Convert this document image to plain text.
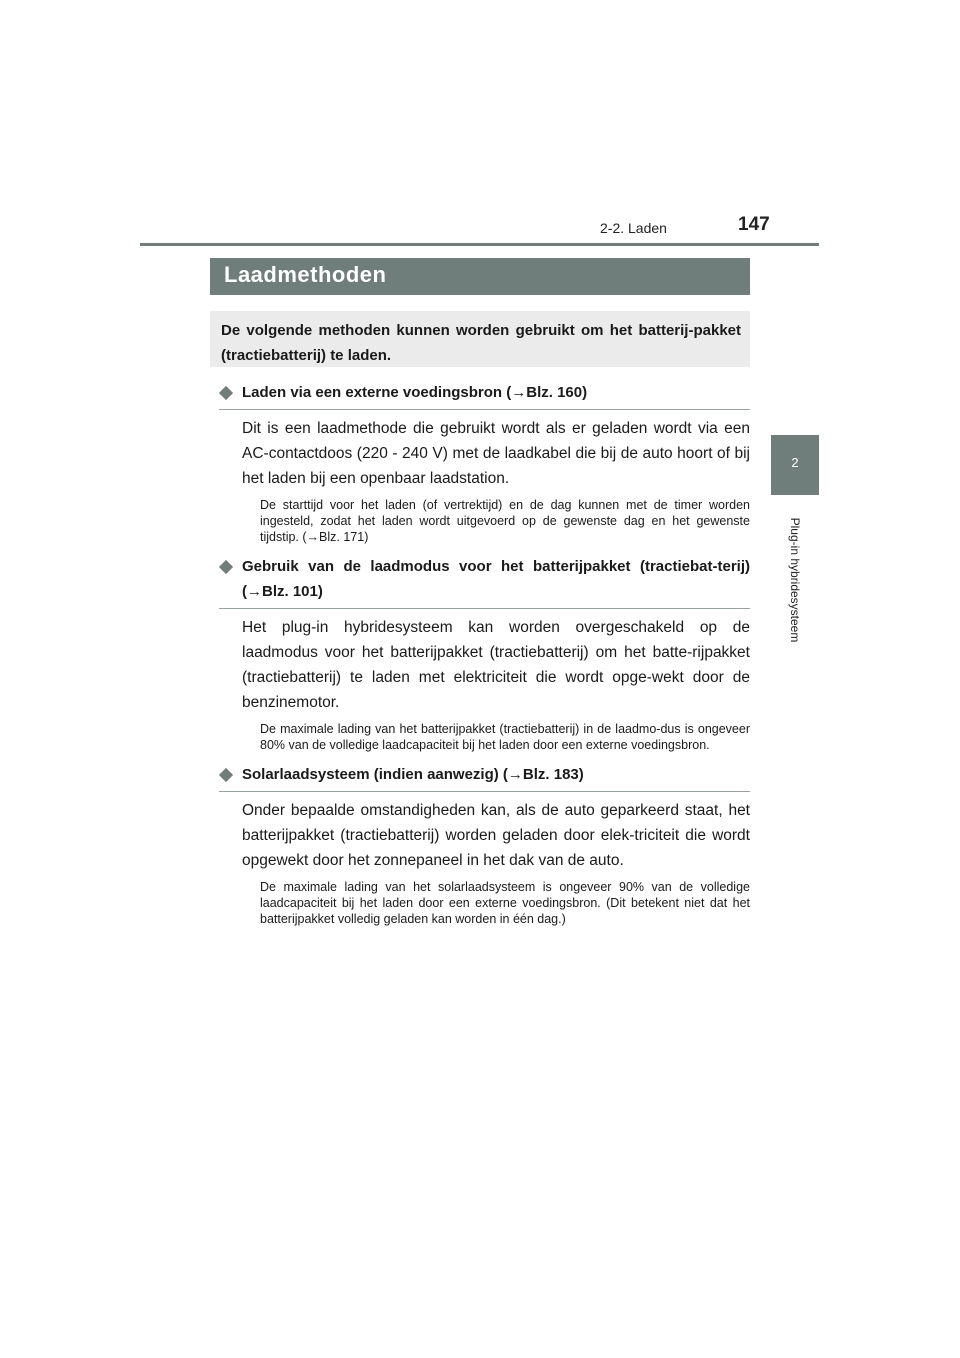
2-2. Laden	147
2
Plug-in hybridesysteem
Laadmethoden
De volgende methoden kunnen worden gebruikt om het batterij-pakket (tractiebatterij) te laden.
Laden via een externe voedingsbron (→Blz. 160)
Dit is een laadmethode die gebruikt wordt als er geladen wordt via een AC-contactdoos (220 - 240 V) met de laadkabel die bij de auto hoort of bij het laden bij een openbaar laadstation.
De starttijd voor het laden (of vertrektijd) en de dag kunnen met de timer worden ingesteld, zodat het laden wordt uitgevoerd op de gewenste dag en het gewenste tijdstip. (→Blz. 171)
Gebruik van de laadmodus voor het batterijpakket (tractiebat-terij) (→Blz. 101)
Het plug-in hybridesysteem kan worden overgeschakeld op de laadmodus voor het batterijpakket (tractiebatterij) om het batte-rijpakket (tractiebatterij) te laden met elektriciteit die wordt opge-wekt door de benzinemotor.
De maximale lading van het batterijpakket (tractiebatterij) in de laadmo-dus is ongeveer 80% van de volledige laadcapaciteit bij het laden door een externe voedingsbron.
Solarlaadsysteem (indien aanwezig) (→Blz. 183)
Onder bepaalde omstandigheden kan, als de auto geparkeerd staat, het batterijpakket (tractiebatterij) worden geladen door elek-triciteit die wordt opgewekt door het zonnepaneel in het dak van de auto.
De maximale lading van het solarlaadsysteem is ongeveer 90% van de volledige laadcapaciteit bij het laden door een externe voedingsbron. (Dit betekent niet dat het batterijpakket volledig geladen kan worden in één dag.)
